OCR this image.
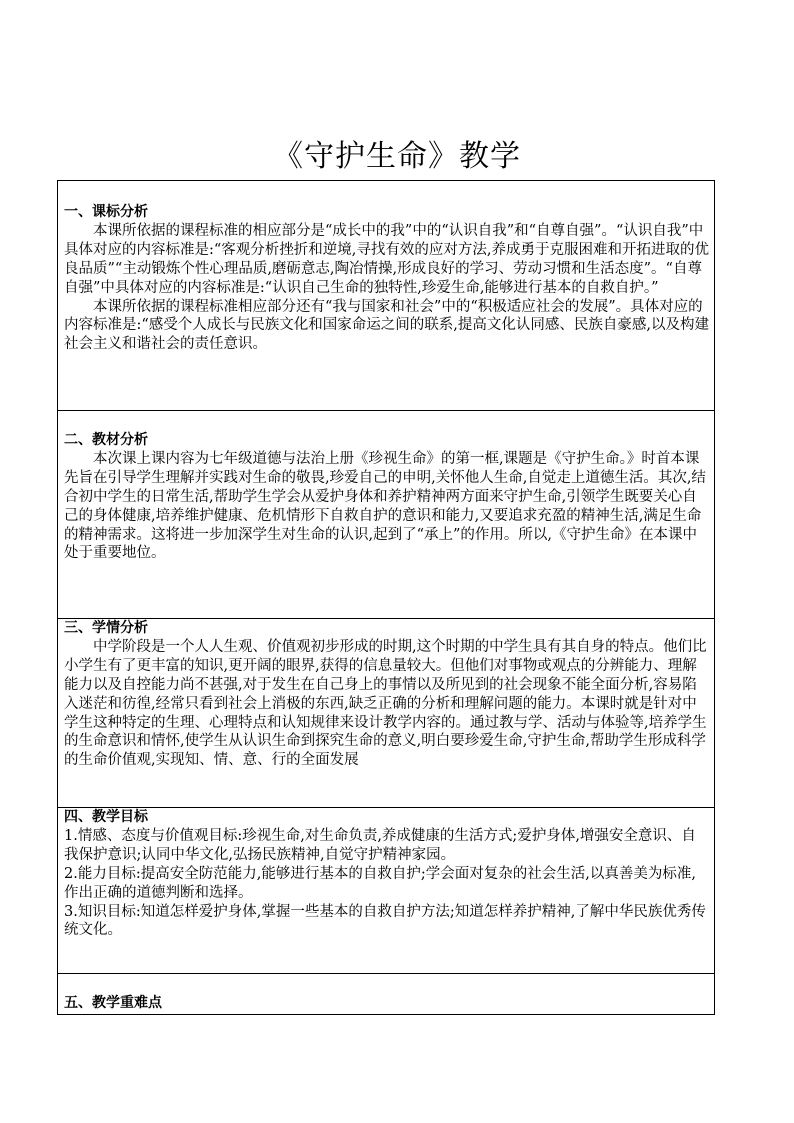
《守护生命》教学
一、课标分析
本课所依据的课程标准的相应部分是“成长中的我”中的“认识自我”和“自尊自强”。“认识自我”中具体对应的内容标准是:“客观分析挫折和逆境,寻找有效的应对方法,养成勇于克服困难和开拓进取的优良品质”“主动锻炼个性心理品质,磨砺意志,陶冶情操,形成良好的学习、劳动习惯和生活态度”。“自尊自强”中具体对应的内容标准是:“认识自己生命的独特性,珍爱生命,能够进行基本的自救自护。”
本课所依据的课程标准相应部分还有“我与国家和社会”中的“积极适应社会的发展”。具体对应的内容标准是:“感受个人成长与民族文化和国家命运之间的联系,提高文化认同感、民族自豪感,以及构建社会主义和谐社会的责任意识。

二、教材分析
本次课上课内容为七年级道德与法治上册《珍视生命》的第一框,课题是《守护生命。》时首本课先旨在引导学生理解并实践对生命的敬畏,珍爱自己的申明,关怀他人生命,自觉走上道德生活。其次,结合初中学生的日常生活,帮助学生学会从爱护身体和养护精神两方面来守护生命,引领学生既要关心自己的身体健康,培养维护健康、危机情形下自救自护的意识和能力,又要追求充盈的精神生活,满足生命的精神需求。这将进一步加深学生对生命的认识,起到了“承上”的作用。所以,《守护生命》在本课中处于重要地位。

三、学情分析
中学阶段是一个人人生观、价值观初步形成的时期,这个时期的中学生具有其自身的特点。他们比小学生有了更丰富的知识,更开阔的眼界,获得的信息量较大。但他们对事物或观点的分辨能力、理解能力以及自控能力尚不甚强,对于发生在自己身上的事情以及所见到的社会现象不能全面分析,容易陷入迷茫和彷徨,经常只看到社会上消极的东西,缺乏正确的分析和理解问题的能力。本课时就是针对中学生这种特定的生理、心理特点和认知规律来设计教学内容的。通过教与学、活动与体验等,培养学生的生命意识和情怀,使学生从认识生命到探究生命的意义,明白要珍爱生命,守护生命,帮助学生形成科学的生命价值观,实现知、情、意、行的全面发展

四、教学目标
1.情感、态度与价值观目标:珍视生命,对生命负责,养成健康的生活方式;爱护身体,增强安全意识、自我保护意识;认同中华文化,弘扬民族精神,自觉守护精神家园。
2.能力目标:提高安全防范能力,能够进行基本的自救自护;学会面对复杂的社会生活,以真善美为标准,作出正确的道德判断和选择。
3.知识目标:知道怎样爱护身体,掌握一些基本的自救自护方法;知道怎样养护精神,了解中华民族优秀传统文化。

五、教学重难点
